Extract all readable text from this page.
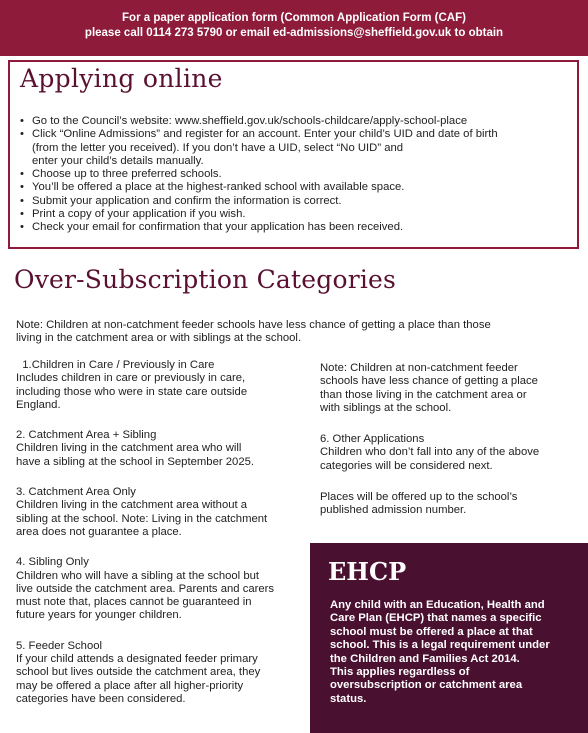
For a paper application form (Common Application Form (CAF)
please call 0114 273 5790 or email ed-admissions@sheffield.gov.uk to obtain
Applying online
• Go to the Council’s website: www.sheffield.gov.uk/schools-childcare/apply-school-place
• Click “Online Admissions” and register for an account. Enter your child’s UID and date of birth
(from the letter you received). If you don’t have a UID, select “No UID” and
enter your child’s details manually.
• Choose up to three preferred schools.
• You’ll be offered a place at the highest-ranked school with available space.
• Submit your application and confirm the information is correct.
• Print a copy of your application if you wish.
• Check your email for confirmation that your application has been received.
Over-Subscription Categories
Note: Children at non-catchment feeder schools have less chance of getting a place than those
living in the catchment area or with siblings at the school.
1.Children in Care / Previously in Care
Includes children in care or previously in care,
including those who were in state care outside
England.
2. Catchment Area + Sibling
Children living in the catchment area who will
have a sibling at the school in September 2025.
3. Catchment Area Only
Children living in the catchment area without a
sibling at the school. Note: Living in the catchment
area does not guarantee a place.
4. Sibling Only
Children who will have a sibling at the school but
live outside the catchment area. Parents and carers
must note that, places cannot be guaranteed in
future years for younger children.
5. Feeder School
If your child attends a designated feeder primary
school but lives outside the catchment area, they
may be offered a place after all higher-priority
categories have been considered.

Note: Children at non-catchment feeder
schools have less chance of getting a place
than those living in the catchment area or
with siblings at the school.

6. Other Applications
Children who don’t fall into any of the above
categories will be considered next.

Places will be offered up to the school’s
published admission number.

EHCP
Any child with an Education, Health and
Care Plan (EHCP) that names a specific
school must be offered a place at that
school. This is a legal requirement under
the Children and Families Act 2014.
This applies regardless of
oversubscription or catchment area
status.
